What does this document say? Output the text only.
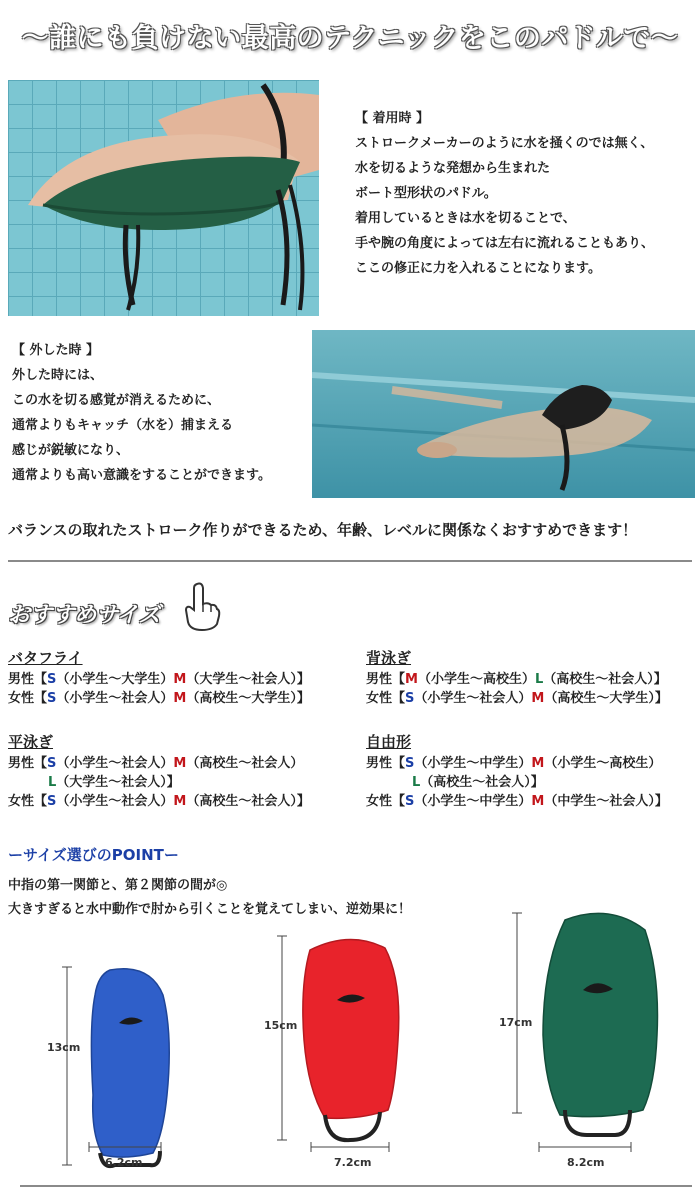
〜誰にも負けない最高のテクニックをこのパドルで〜
【 着用時 】
ストロークメーカーのように水を掻くのでは無く、
水を切るような発想から生まれた
ボート型形状のパドル。
着用しているときは水を切ることで、
手や腕の角度によっては左右に流れることもあり、
ここの修正に力を入れることになります。
【 外した時 】
外した時には、
この水を切る感覚が消えるために、
通常よりもキャッチ（水を）捕まえる
感じが鋭敏になり、
通常よりも高い意識をすることができます。
バランスの取れたストローク作りができるため、年齢、レベルに関係なくおすすめできます！
おすすめサイズ
バタフライ
男性【S（小学生〜大学生）M（大学生〜社会人）】
女性【S（小学生〜社会人）M（高校生〜大学生）】
背泳ぎ
男性【M（小学生〜高校生）L（高校生〜社会人）】
女性【S（小学生〜社会人）M（高校生〜大学生）】
平泳ぎ
男性【S（小学生〜社会人）M（高校生〜社会人）
L（大学生〜社会人）】
女性【S（小学生〜社会人）M（高校生〜社会人）】
自由形
男性【S（小学生〜中学生）M（小学生〜高校生）
L（高校生〜社会人）】
女性【S（小学生〜中学生）M（中学生〜社会人）】
ーサイズ選びのPOINTー
中指の第一関節と、第２関節の間が◎
大きすぎると水中動作で肘から引くことを覚えてしまい、逆効果に！
13cm
6.2cm
15cm
7.2cm
17cm
8.2cm
